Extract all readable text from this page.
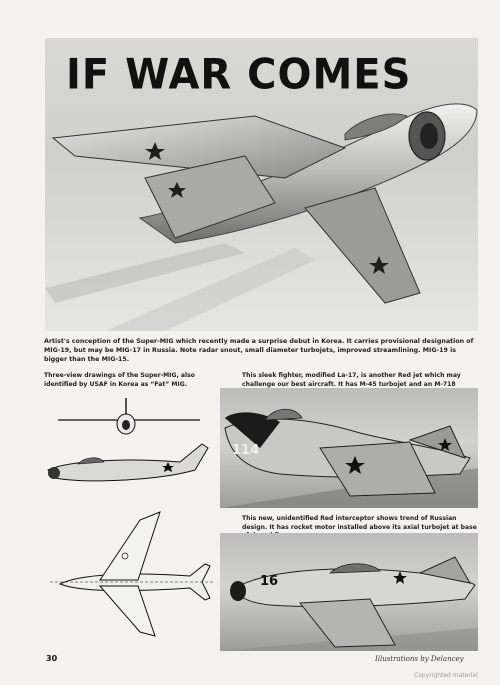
IF WAR COMES
Artist's conception of the Super-MIG which recently made a surprise debut in Korea. It carries provisional designation of MIG-19, but may be MIG-17 in Russia. Note radar snout, small diameter turbojets, improved streamlining. MIG-19 is bigger than the MIG-15.
Three-view drawings of the Super-MIG, also identified by USAF in Korea as “Fat” MIG.
This sleek fighter, modified La-17, is another Red jet which may challenge our best aircraft. It has M-45 turbojet and an M-718
114
This new, unidentified Red interceptor shows trend of Russian design. It has rocket motor installed above its axial turbojet at base
16
30	Illustrations by Delancey
Copyrighted material
